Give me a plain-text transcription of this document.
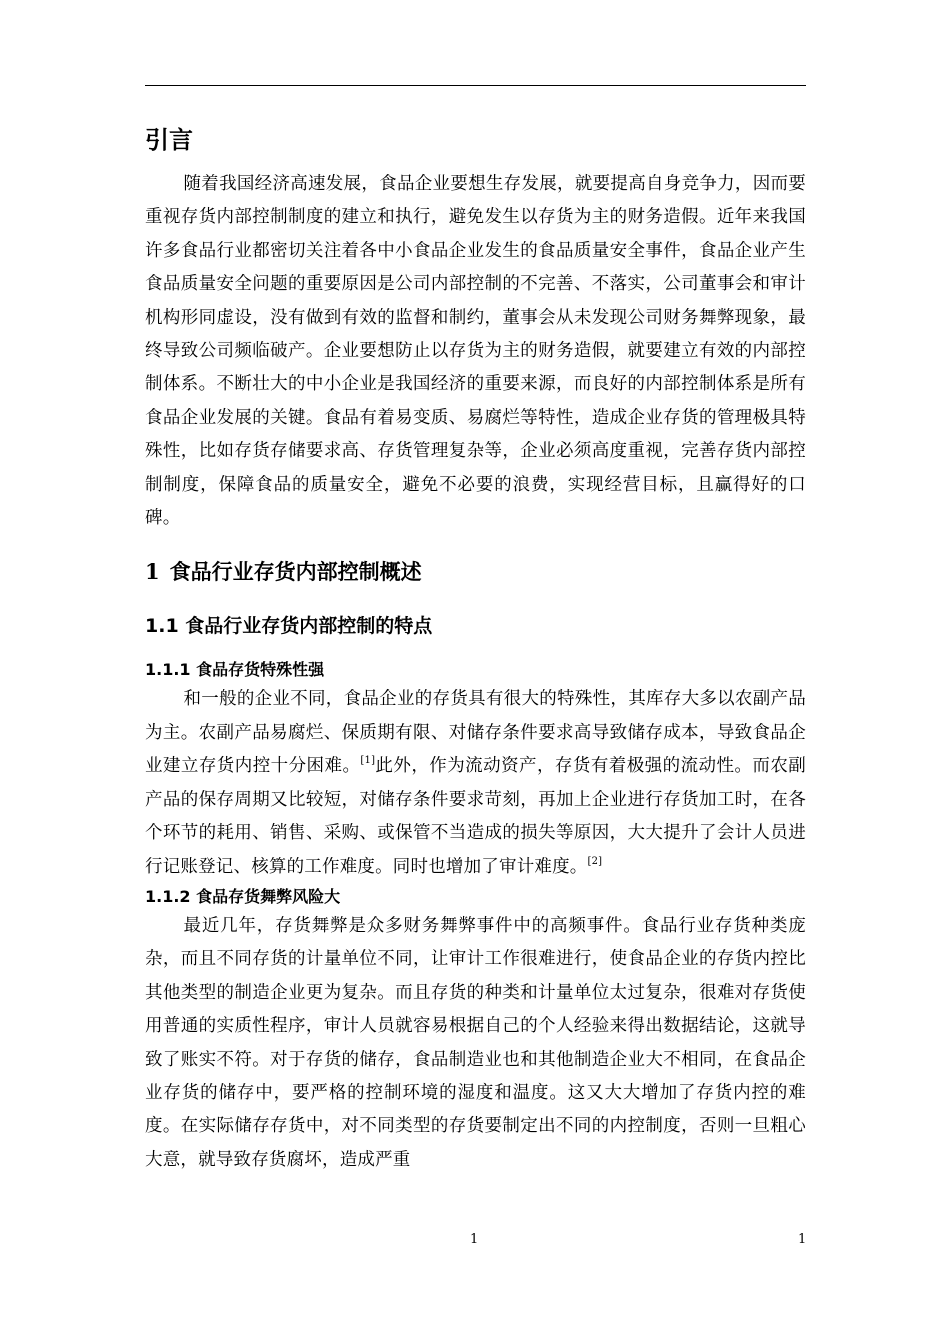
引言

随着我国经济高速发展，食品企业要想生存发展，就要提高自身竞争力，因而要重视存货内部控制制度的建立和执行，避免发生以存货为主的财务造假。近年来我国许多食品行业都密切关注着各中小食品企业发生的食品质量安全事件，食品企业产生食品质量安全问题的重要原因是公司内部控制的不完善、不落实，公司董事会和审计机构形同虚设，没有做到有效的监督和制约，董事会从未发现公司财务舞弊现象，最终导致公司频临破产。企业要想防止以存货为主的财务造假，就要建立有效的内部控制体系。不断壮大的中小企业是我国经济的重要来源，而良好的内部控制体系是所有食品企业发展的关键。食品有着易变质、易腐烂等特性，造成企业存货的管理极具特殊性，比如存货存储要求高、存货管理复杂等，企业必须高度重视，完善存货内部控制制度，保障食品的质量安全，避免不必要的浪费，实现经营目标，且赢得好的口碑。

1 食品行业存货内部控制概述
1.1 食品行业存货内部控制的特点
1.1.1 食品存货特殊性强

和一般的企业不同，食品企业的存货具有很大的特殊性，其库存大多以农副产品为主。农副产品易腐烂、保质期有限、对储存条件要求高导致储存成本，导致食品企业建立存货内控十分困难。[1]此外，作为流动资产，存货有着极强的流动性。而农副产品的保存周期又比较短，对储存条件要求苛刻，再加上企业进行存货加工时，在各个环节的耗用、销售、采购、或保管不当造成的损失等原因，大大提升了会计人员进行记账登记、核算的工作难度。同时也增加了审计难度。[2]

1.1.2 食品存货舞弊风险大

最近几年，存货舞弊是众多财务舞弊事件中的高频事件。食品行业存货种类庞杂，而且不同存货的计量单位不同，让审计工作很难进行，使食品企业的存货内控比其他类型的制造企业更为复杂。而且存货的种类和计量单位太过复杂，很难对存货使用普通的实质性程序，审计人员就容易根据自己的个人经验来得出数据结论，这就导致了账实不符。对于存货的储存，食品制造业也和其他制造企业大不相同，在食品企业存货的储存中，要严格的控制环境的湿度和温度。这又大大增加了存货内控的难度。在实际储存存货中，对不同类型的存货要制定出不同的内控制度，否则一旦粗心大意，就导致存货腐坏，造成严重

1	1
